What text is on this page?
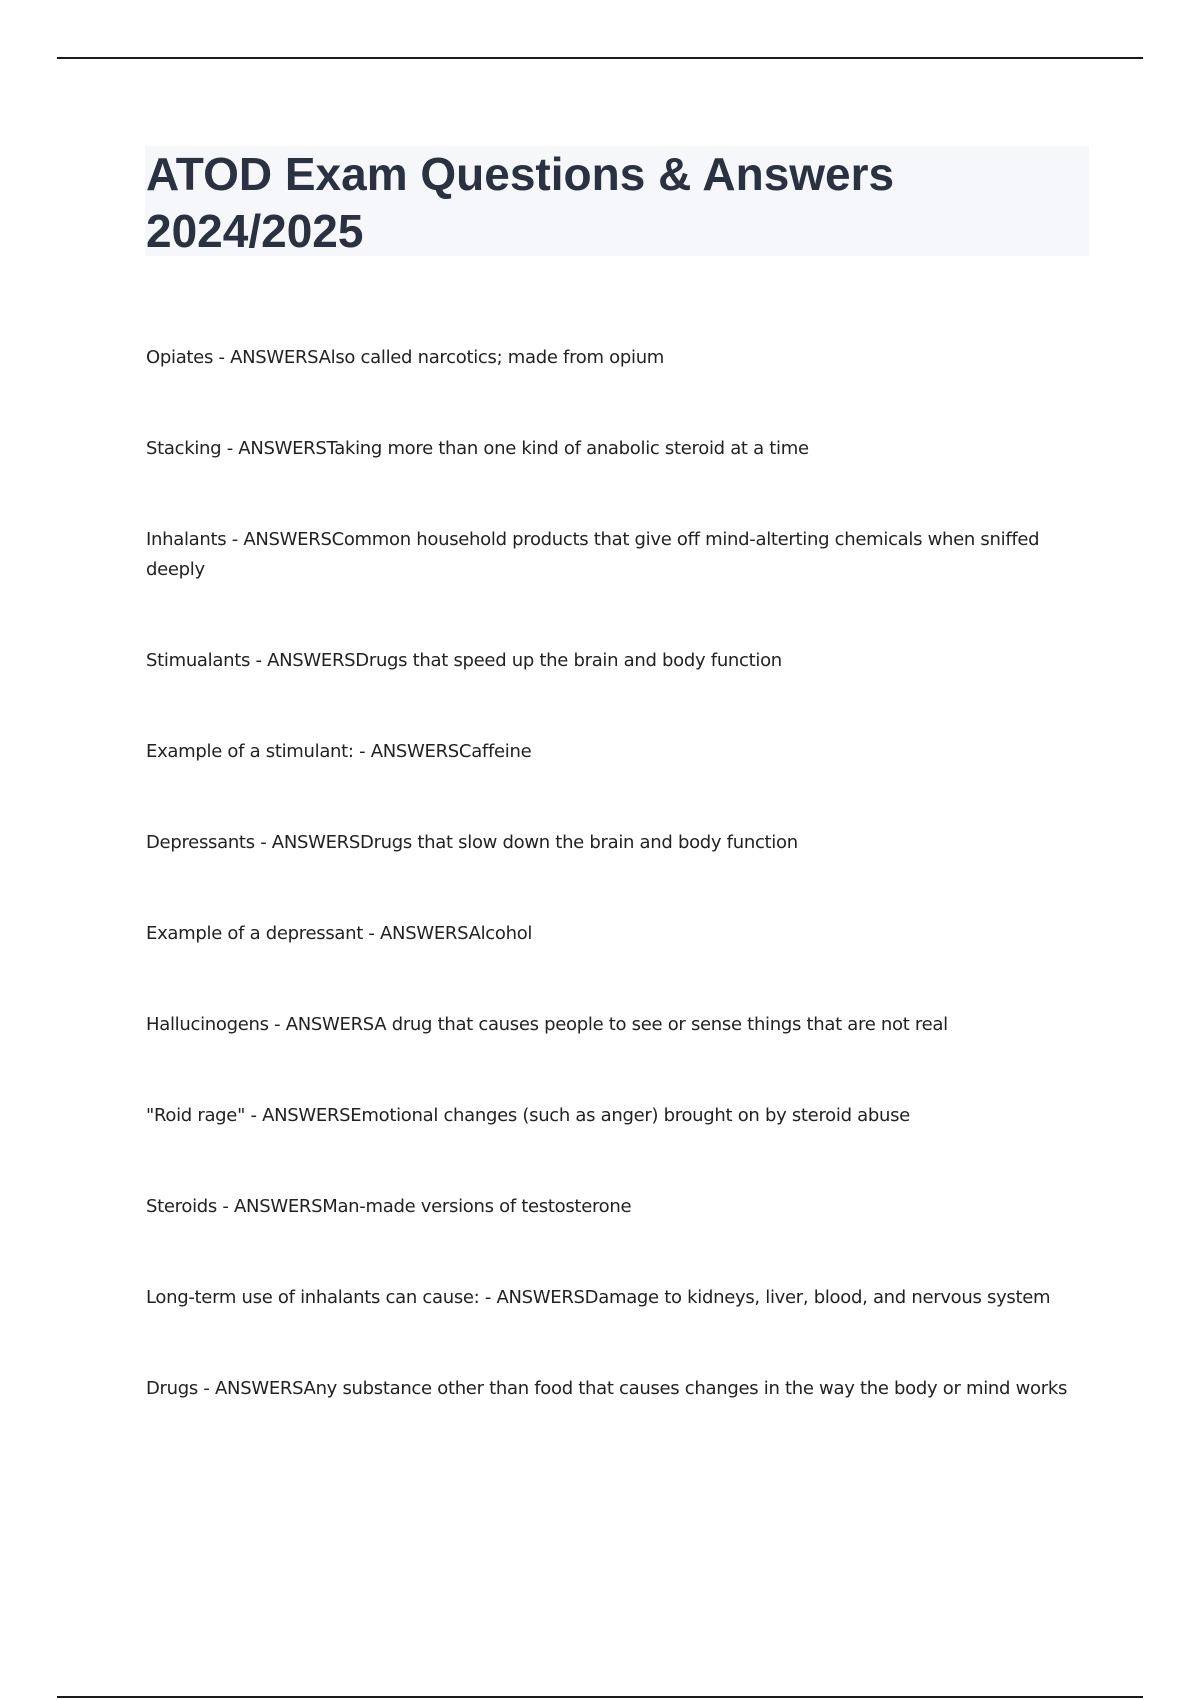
ATOD Exam Questions & Answers
2024/2025
Opiates - ANSWERSAlso called narcotics; made from opium
Stacking - ANSWERSTaking more than one kind of anabolic steroid at a time
Inhalants - ANSWERSCommon household products that give off mind-alterting chemicals when sniffed deeply
Stimualants - ANSWERSDrugs that speed up the brain and body function
Example of a stimulant: - ANSWERSCaffeine
Depressants - ANSWERSDrugs that slow down the brain and body function
Example of a depressant - ANSWERSAlcohol
Hallucinogens - ANSWERSA drug that causes people to see or sense things that are not real
"Roid rage" - ANSWERSEmotional changes (such as anger) brought on by steroid abuse
Steroids - ANSWERSMan-made versions of testosterone
Long-term use of inhalants can cause: - ANSWERSDamage to kidneys, liver, blood, and nervous system
Drugs - ANSWERSAny substance other than food that causes changes in the way the body or mind works
